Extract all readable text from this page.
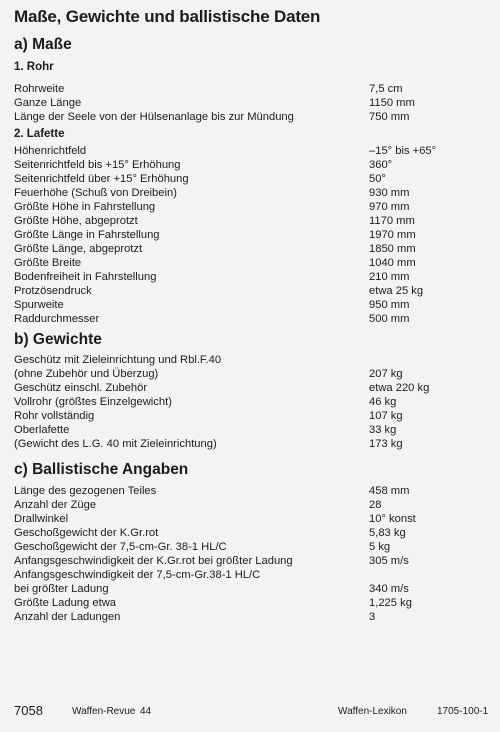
Maße, Gewichte und ballistische Daten
a) Maße
1. Rohr
Rohrweite	7,5 cm
Ganze Länge	1150 mm
Länge der Seele von der Hülsenanlage bis zur Mündung	750 mm
2. Lafette
Höhenrichtfeld	–15° bis +65°
Seitenrichtfeld bis +15° Erhöhung	360°
Seitenrichtfeld über +15° Erhöhung	50°
Feuerhöhe (Schuß von Dreibein)	930 mm
Größte Höhe in Fahrstellung	970 mm
Größte Höhe, abgeprotzt	1170 mm
Größte Länge in Fahrstellung	1970 mm
Größte Länge, abgeprotzt	1850 mm
Größte Breite	1040 mm
Bodenfreiheit in Fahrstellung	210 mm
Protzösendruck	etwa 25 kg
Spurweite	950 mm
Raddurchmesser	500 mm
b) Gewichte
Geschütz mit Zieleinrichtung und Rbl.F.40
(ohne Zubehör und Überzug)	207 kg
Geschütz einschl. Zubehör	etwa 220 kg
Vollrohr (größtes Einzelgewicht)	46 kg
Rohr vollständig	107 kg
Oberlafette	33 kg
(Gewicht des L.G. 40 mit Zieleinrichtung)	173 kg
c) Ballistische Angaben
Länge des gezogenen Teiles	458 mm
Anzahl der Züge	28
Drallwinkel	10° konst
Geschoßgewicht der K.Gr.rot	5,83 kg
Geschoßgewicht der 7,5-cm-Gr. 38-1 HL/C	5 kg
Anfangsgeschwindigkeit der K.Gr.rot bei größter Ladung	305 m/s
Anfangsgeschwindigkeit der 7,5-cm-Gr.38-1 HL/C
bei größter Ladung	340 m/s
Größte Ladung etwa	1,225 kg
Anzahl der Ladungen	3
7058	Waffen-Revue 44	Waffen-Lexikon	1705-100-1
